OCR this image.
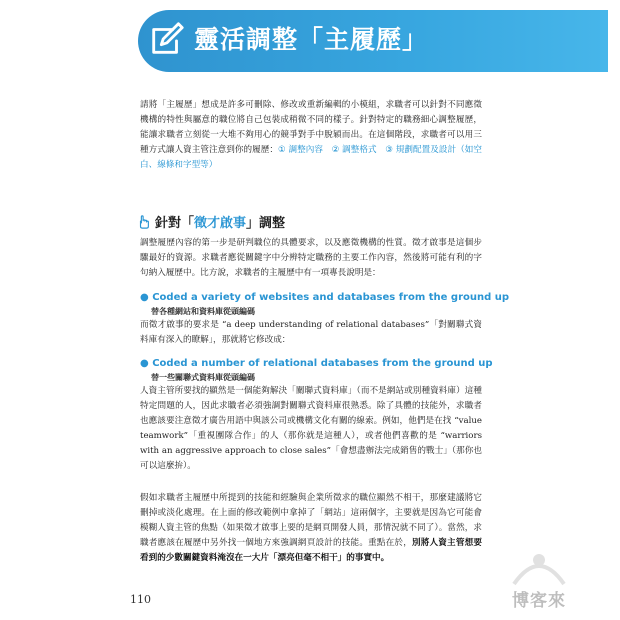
靈活調整「主履歷」
請將「主履歷」想成是許多可刪除、修改或重新編輯的小模組，求職者可以針對不同應徵機構的特性與屬意的職位將自己包裝成稍微不同的樣子。針對特定的職務細心調整履歷，能讓求職者立刻從一大堆不夠用心的競爭對手中脫穎而出。在這個階段，求職者可以用三種方式讓人資主管注意到你的履歷：① 調整內容　② 調整格式　③ 規劃配置及設計（如空白、線條和字型等）
針對「徵才啟事」調整
調整履歷內容的第一步是研判職位的具體要求，以及應徵機構的性質。徵才啟事是這個步驟最好的資源。求職者應從關鍵字中分辨特定職務的主要工作內容，然後將可能有利的字句納入履歷中。比方說，求職者的主履歷中有一項專長說明是：
● Coded a variety of websites and databases from the ground up
替各種網站和資料庫從頭編碼
而徵才啟事的要求是 “a deep understanding of relational databases”「對關聯式資料庫有深入的瞭解」，那就將它修改成：
● Coded a number of relational databases from the ground up
替一些關聯式資料庫從頭編碼
人資主管所要找的顯然是一個能夠解決「關聯式資料庫」（而不是網站或別種資料庫）這種特定問題的人，因此求職者必須強調對關聯式資料庫很熟悉。除了具體的技能外，求職者也應該要注意徵才廣告用語中與該公司或機構文化有關的線索。例如，他們是在找 “value teamwork”「重視團隊合作」的人（那你就是這種人），或者他們喜歡的是 “warriors with an aggressive approach to close sales”「會想盡辦法完成銷售的戰士」（那你也可以這麼拚）。
假如求職者主履歷中所提到的技能和經驗與企業所徵求的職位顯然不相干，那麼建議將它刪掉或淡化處理。在上面的修改範例中拿掉了「網站」這兩個字，主要就是因為它可能會模糊人資主管的焦點（如果徵才啟事上要的是網頁開發人員，那情況就不同了）。當然，求職者應該在履歷中另外找一個地方來強調網頁設計的技能。重點在於，別將人資主管想要看到的少數關鍵資料淹沒在一大片「漂亮但毫不相干」的事實中。
110	博客來
